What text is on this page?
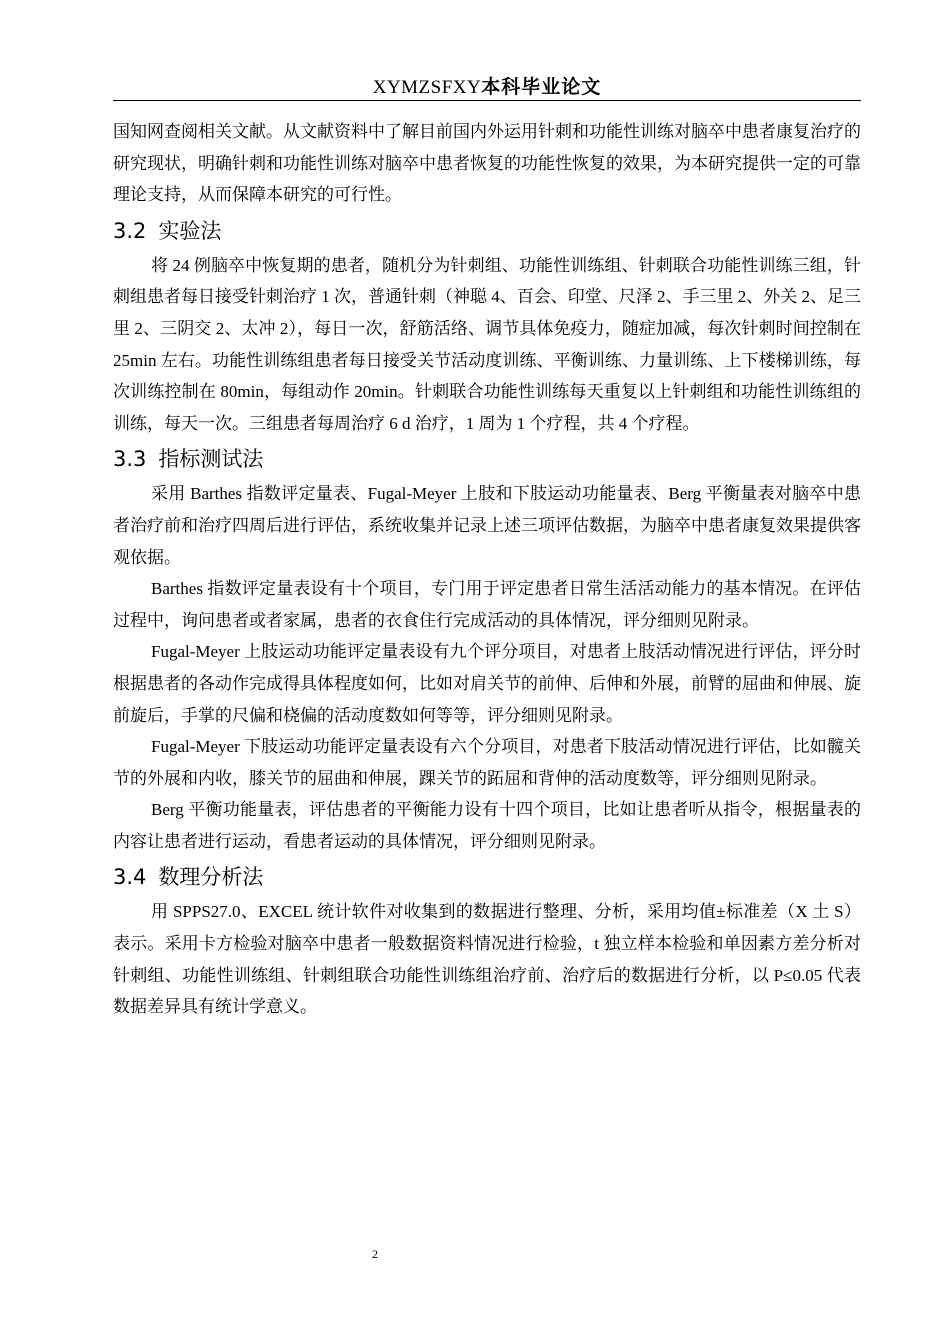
XYMZSFXY本科毕业论文

国知网查阅相关文献。从文献资料中了解目前国内外运用针刺和功能性训练对脑卒中患者康复治疗的研究现状，明确针刺和功能性训练对脑卒中患者恢复的功能性恢复的效果，为本研究提供一定的可靠理论支持，从而保障本研究的可行性。

3.2 实验法

将 24 例脑卒中恢复期的患者，随机分为针刺组、功能性训练组、针刺联合功能性训练三组，针刺组患者每日接受针刺治疗 1 次，普通针刺（神聪 4、百会、印堂、尺泽 2、手三里 2、外关 2、足三里 2、三阴交 2、太冲 2），每日一次，舒筋活络、调节具体免疫力，随症加减，每次针刺时间控制在 25min 左右。功能性训练组患者每日接受关节活动度训练、平衡训练、力量训练、上下楼梯训练，每次训练控制在 80min，每组动作 20min。针刺联合功能性训练每天重复以上针刺组和功能性训练组的训练，每天一次。三组患者每周治疗 6 d 治疗，1 周为 1 个疗程，共 4 个疗程。

3.3 指标测试法

采用 Barthes 指数评定量表、Fugal-Meyer 上肢和下肢运动功能量表、Berg 平衡量表对脑卒中患者治疗前和治疗四周后进行评估，系统收集并记录上述三项评估数据，为脑卒中患者康复效果提供客观依据。

Barthes 指数评定量表设有十个项目，专门用于评定患者日常生活活动能力的基本情况。在评估过程中，询问患者或者家属，患者的衣食住行完成活动的具体情况，评分细则见附录。

Fugal-Meyer 上肢运动功能评定量表设有九个评分项目，对患者上肢活动情况进行评估，评分时根据患者的各动作完成得具体程度如何，比如对肩关节的前伸、后伸和外展，前臂的屈曲和伸展、旋前旋后，手掌的尺偏和桡偏的活动度数如何等等，评分细则见附录。

Fugal-Meyer 下肢运动功能评定量表设有六个分项目，对患者下肢活动情况进行评估，比如髋关节的外展和内收，膝关节的屈曲和伸展，踝关节的跖屈和背伸的活动度数等，评分细则见附录。

Berg 平衡功能量表，评估患者的平衡能力设有十四个项目，比如让患者听从指令，根据量表的内容让患者进行运动，看患者运动的具体情况，评分细则见附录。

3.4 数理分析法

用 SPPS27.0、EXCEL 统计软件对收集到的数据进行整理、分析，采用均值±标准差（X 土 S）表示。采用卡方检验对脑卒中患者一般数据资料情况进行检验，t 独立样本检验和单因素方差分析对针刺组、功能性训练组、针刺组联合功能性训练组治疗前、治疗后的数据进行分析，以 P≤0.05 代表数据差异具有统计学意义。

2
